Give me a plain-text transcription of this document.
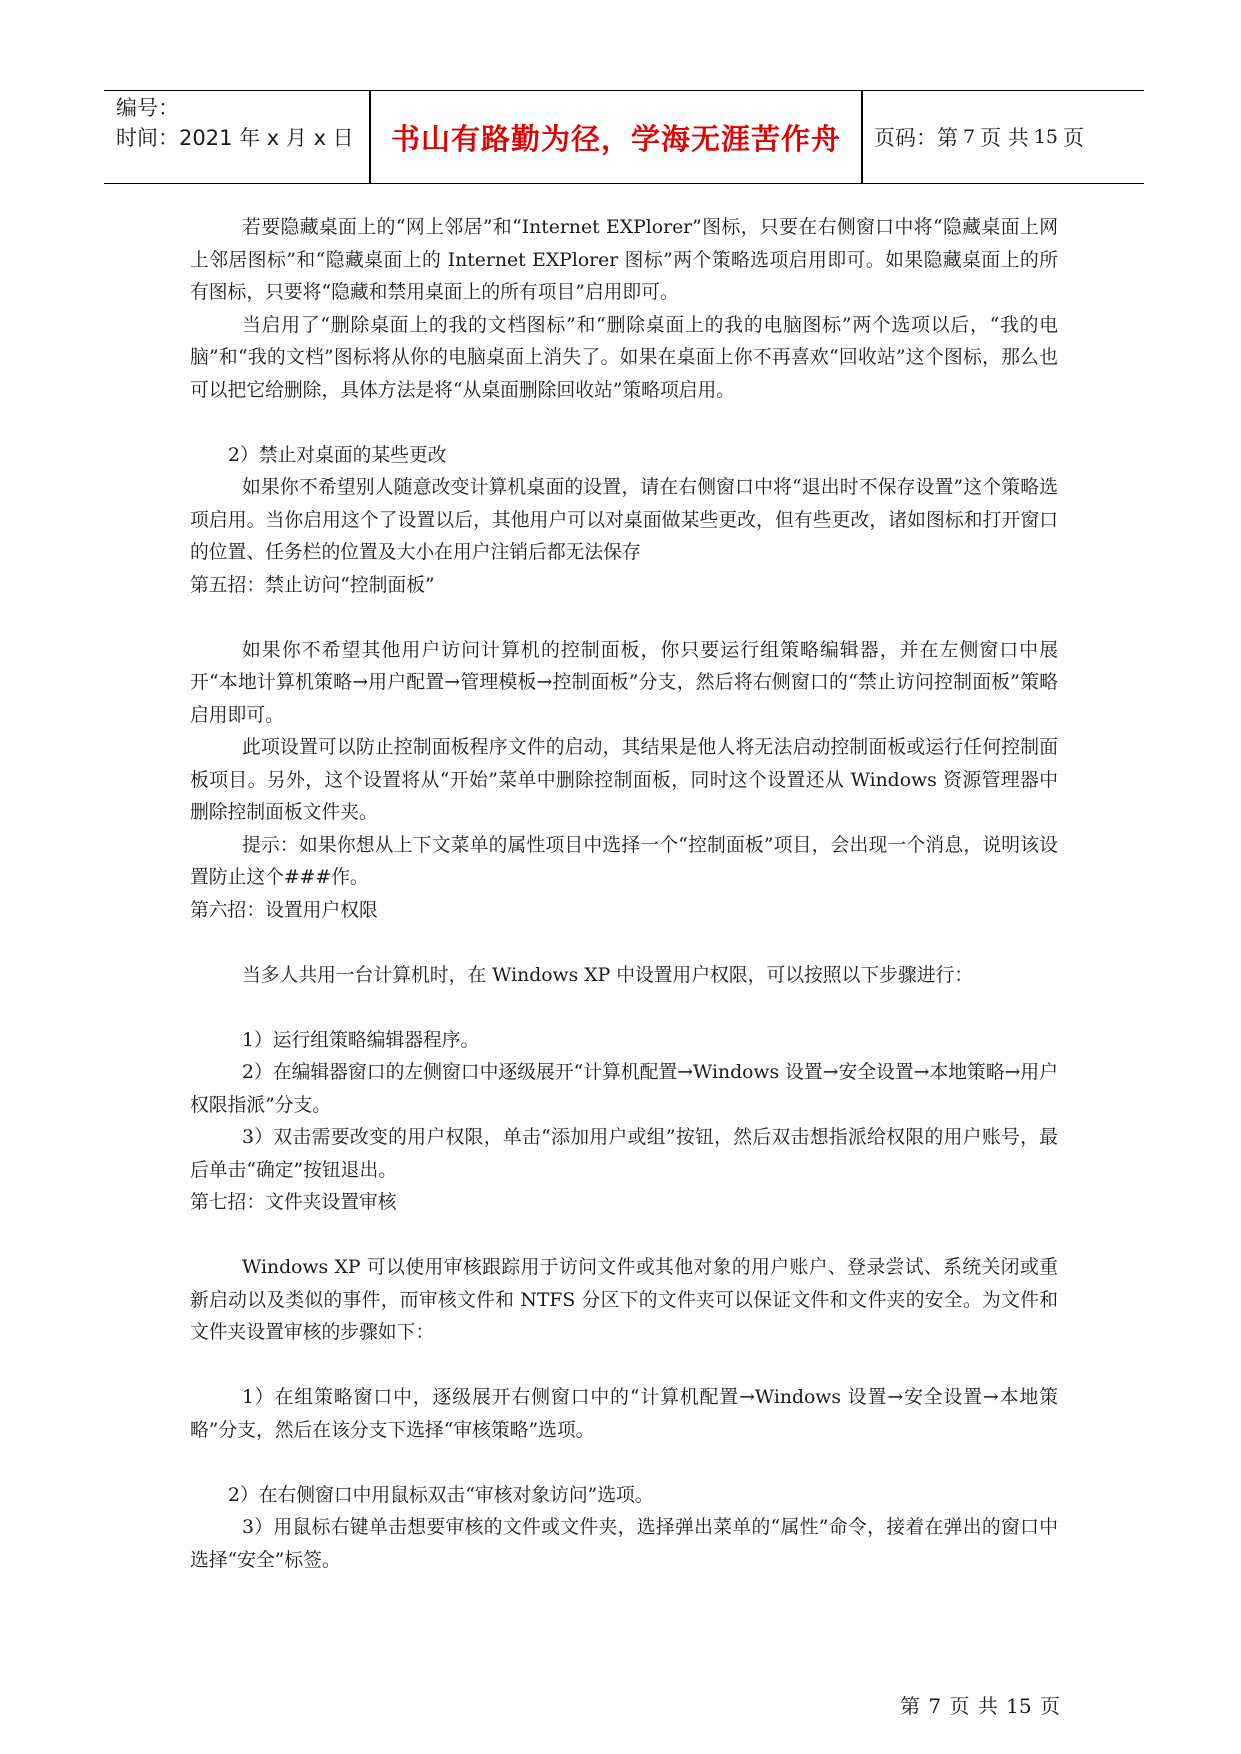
编号：
时间：2021 年 x 月 x 日	书山有路勤为径，学海无涯苦作舟	页码：第 7 页 共 15 页

若要隐藏桌面上的“网上邻居”和“Internet EXPlorer”图标，只要在右侧窗口中将“隐藏桌面上网上邻居图标”和“隐藏桌面上的 Internet EXPlorer 图标”两个策略选项启用即可。如果隐藏桌面上的所有图标，只要将“隐藏和禁用桌面上的所有项目”启用即可。

当启用了“删除桌面上的我的文档图标”和“删除桌面上的我的电脑图标”两个选项以后，“我的电脑”和“我的文档”图标将从你的电脑桌面上消失了。如果在桌面上你不再喜欢“回收站”这个图标，那么也可以把它给删除，具体方法是将“从桌面删除回收站”策略项启用。

2）禁止对桌面的某些更改

如果你不希望别人随意改变计算机桌面的设置，请在右侧窗口中将“退出时不保存设置”这个策略选项启用。当你启用这个了设置以后，其他用户可以对桌面做某些更改，但有些更改，诸如图标和打开窗口的位置、任务栏的位置及大小在用户注销后都无法保存

第五招：禁止访问“控制面板”

如果你不希望其他用户访问计算机的控制面板，你只要运行组策略编辑器，并在左侧窗口中展开“本地计算机策略→用户配置→管理模板→控制面板”分支，然后将右侧窗口的“禁止访问控制面板”策略启用即可。

此项设置可以防止控制面板程序文件的启动，其结果是他人将无法启动控制面板或运行任何控制面板项目。另外，这个设置将从“开始”菜单中删除控制面板，同时这个设置还从 Windows 资源管理器中删除控制面板文件夹。

提示：如果你想从上下文菜单的属性项目中选择一个“控制面板”项目，会出现一个消息，说明该设置防止这个###作。

第六招：设置用户权限

当多人共用一台计算机时，在 Windows XP 中设置用户权限，可以按照以下步骤进行：

1）运行组策略编辑器程序。

2）在编辑器窗口的左侧窗口中逐级展开“计算机配置→Windows 设置→安全设置→本地策略→用户权限指派”分支。

3）双击需要改变的用户权限，单击“添加用户或组”按钮，然后双击想指派给权限的用户账号，最后单击“确定”按钮退出。

第七招：文件夹设置审核

Windows XP 可以使用审核跟踪用于访问文件或其他对象的用户账户、登录尝试、系统关闭或重新启动以及类似的事件，而审核文件和 NTFS 分区下的文件夹可以保证文件和文件夹的安全。为文件和文件夹设置审核的步骤如下：

1）在组策略窗口中，逐级展开右侧窗口中的“计算机配置→Windows 设置→安全设置→本地策略”分支，然后在该分支下选择“审核策略”选项。

2）在右侧窗口中用鼠标双击“审核对象访问”选项。

3）用鼠标右键单击想要审核的文件或文件夹，选择弹出菜单的“属性”命令，接着在弹出的窗口中选择“安全”标签。

第 7 页 共 15 页
